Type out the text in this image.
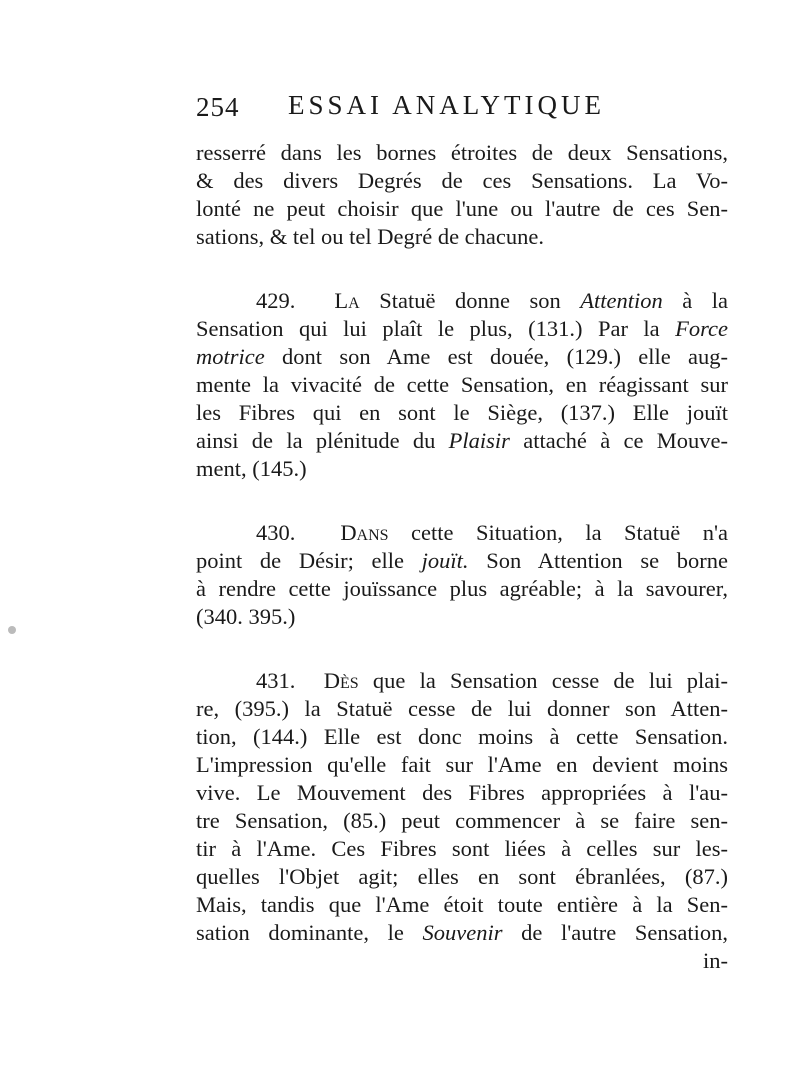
254 ESSAI ANALYTIQUE
resserré dans les bornes étroites de deux Sensations,
& des divers Degrés de ces Sensations. La Vo-
lonté ne peut choisir que l'une ou l'autre de ces Sen-
sations, & tel ou tel Degré de chacune.
429. La Statuë donne son Attention à la
Sensation qui lui plaît le plus, (131.) Par la Force
motrice dont son Ame est douée, (129.) elle aug-
mente la vivacité de cette Sensation, en réagissant sur
les Fibres qui en sont le Siège, (137.) Elle jouït
ainsi de la plénitude du Plaisir attaché à ce Mouve-
ment, (145.)
430. Dans cette Situation, la Statuë n'a
point de Désir; elle jouït. Son Attention se borne
à rendre cette jouïssance plus agréable; à la savourer,
(340. 395.)
431. Dès que la Sensation cesse de lui plai-
re, (395.) la Statuë cesse de lui donner son Atten-
tion, (144.) Elle est donc moins à cette Sensation.
L'impression qu'elle fait sur l'Ame en devient moins
vive. Le Mouvement des Fibres appropriées à l'au-
tre Sensation, (85.) peut commencer à se faire sen-
tir à l'Ame. Ces Fibres sont liées à celles sur les-
quelles l'Objet agit; elles en sont ébranlées, (87.)
Mais, tandis que l'Ame étoit toute entière à la Sen-
sation dominante, le Souvenir de l'autre Sensation,
in-
